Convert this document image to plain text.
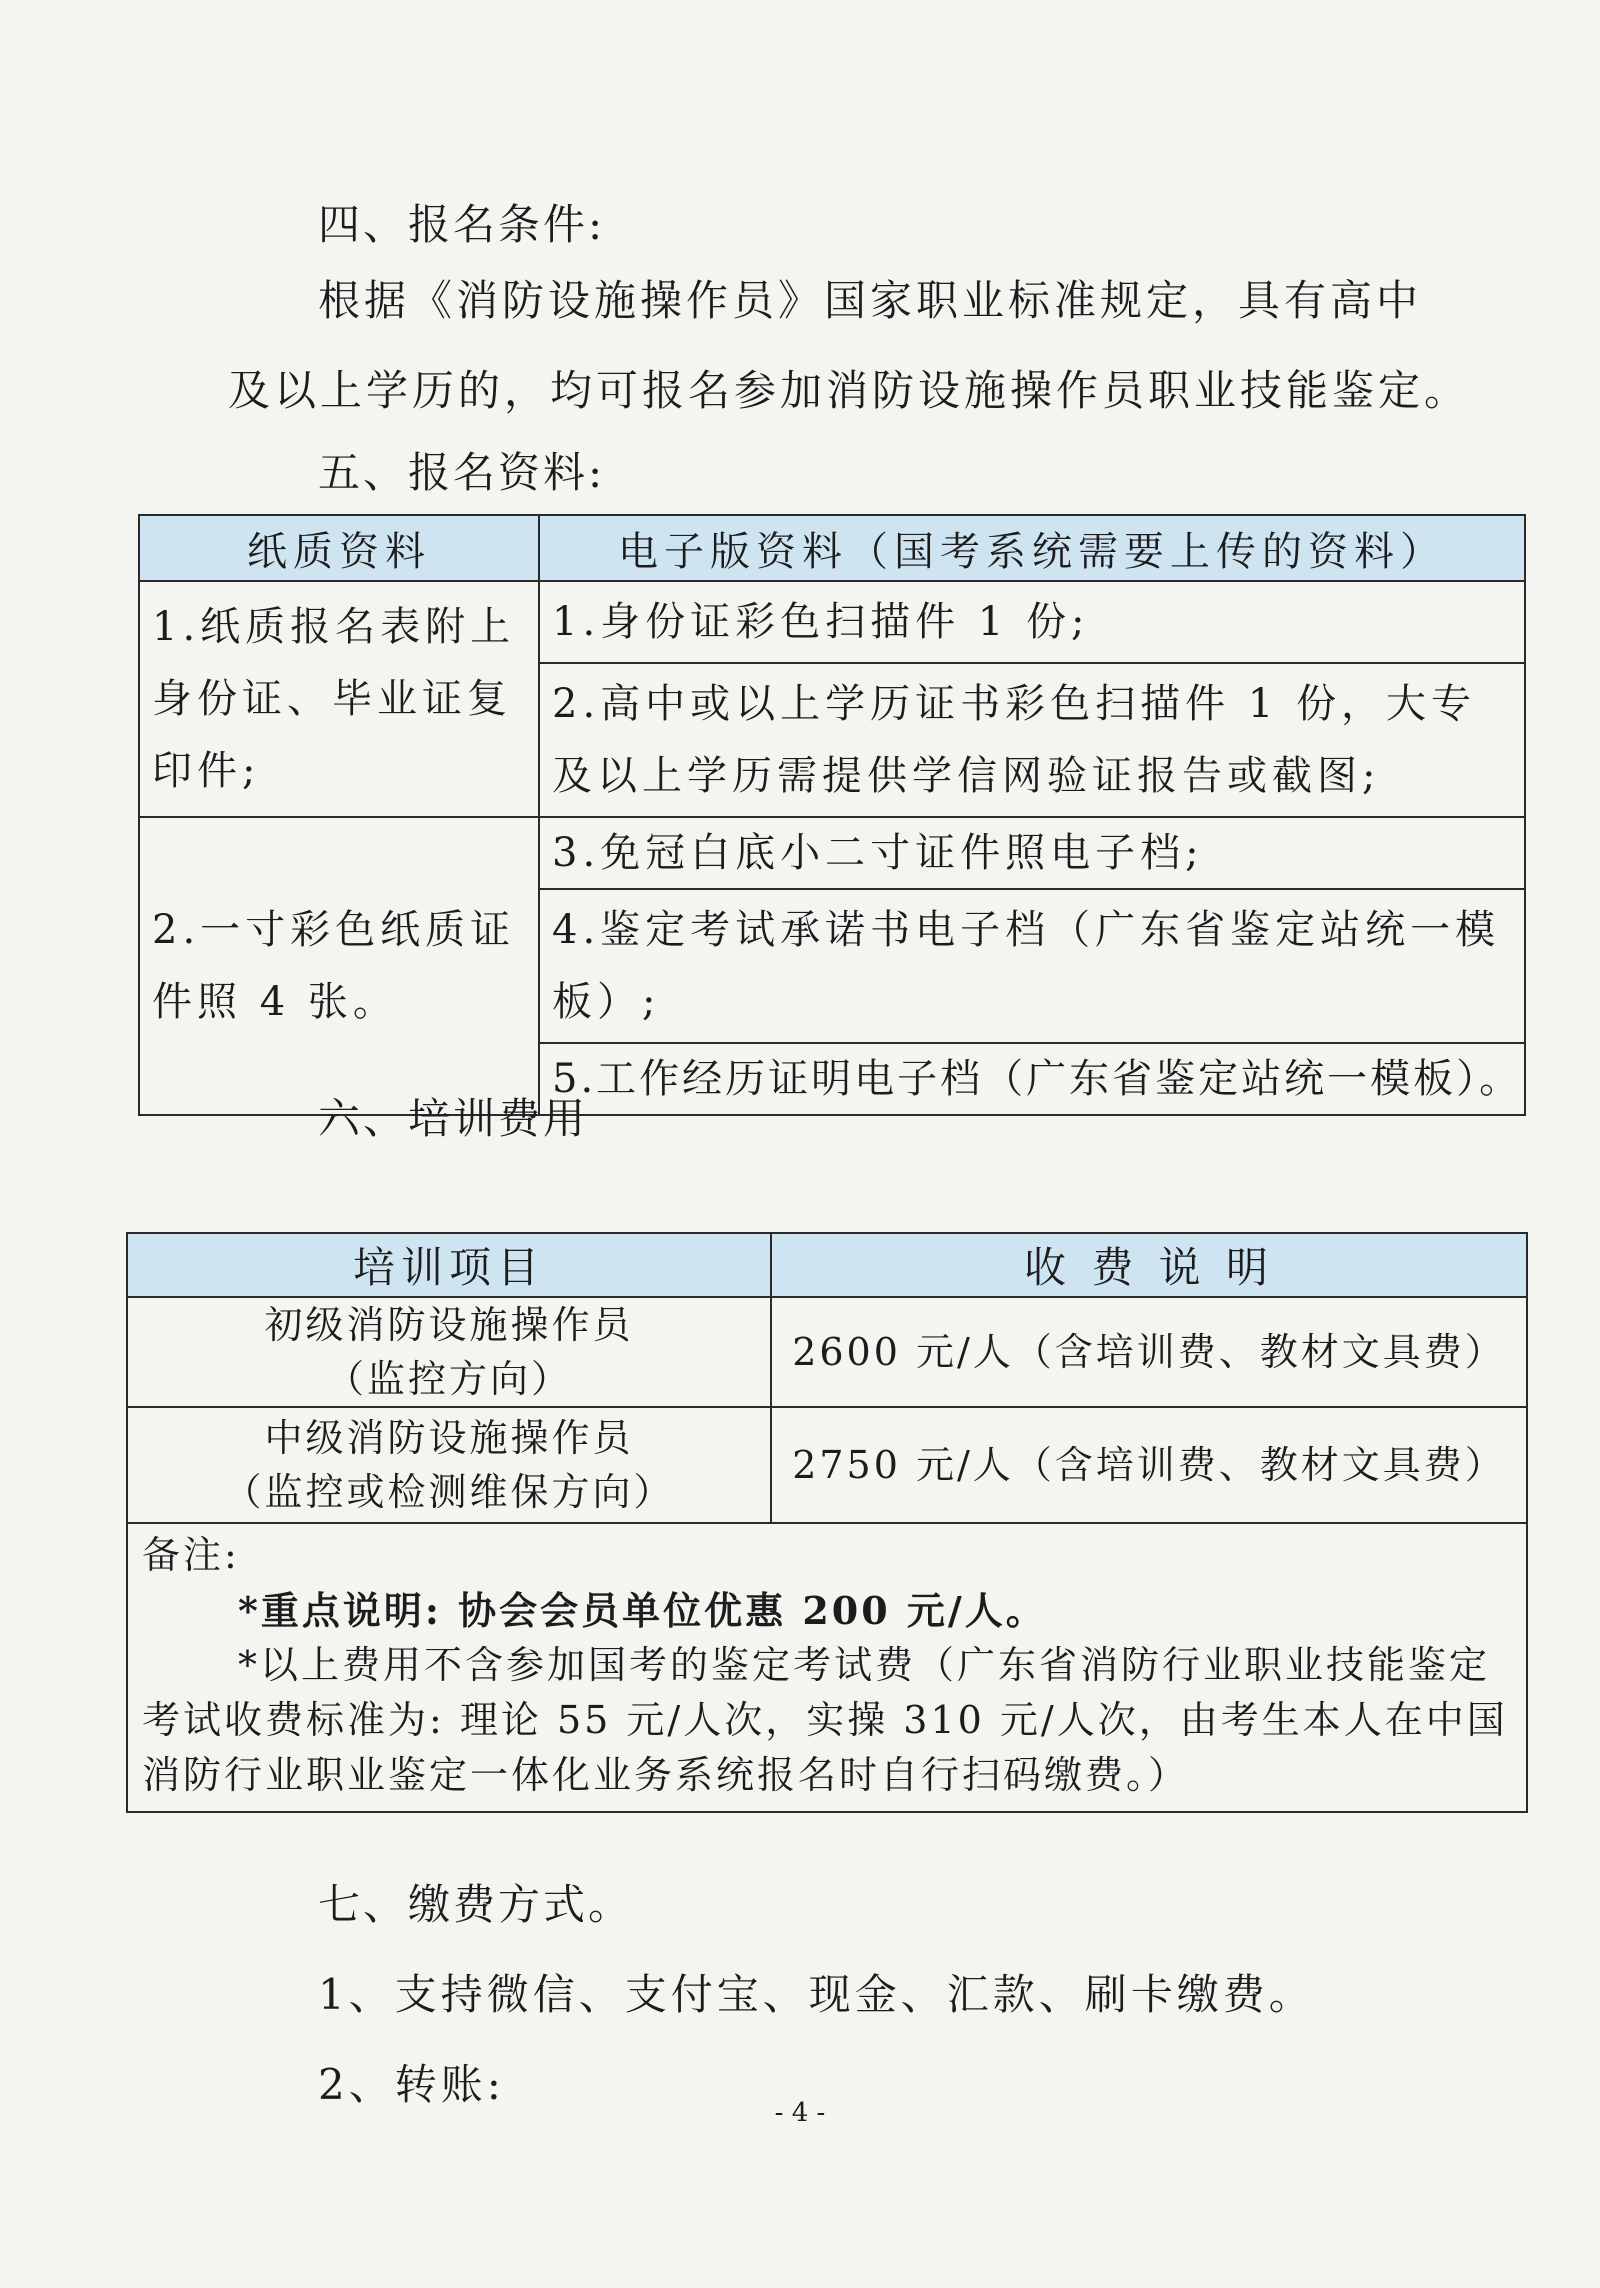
四、报名条件:
根据《消防设施操作员》国家职业标准规定，具有高中
及以上学历的，均可报名参加消防设施操作员职业技能鉴定。
五、报名资料:
纸质资料	电子版资料（国考系统需要上传的资料）
1.纸质报名表附上身份证、毕业证复印件;	1.身份证彩色扫描件 1 份;
	2.高中或以上学历证书彩色扫描件 1 份，大专及以上学历需提供学信网验证报告或截图;
2.一寸彩色纸质证件照 4 张。	3.免冠白底小二寸证件照电子档;
	4.鉴定考试承诺书电子档（广东省鉴定站统一模板）;
	5.工作经历证明电子档（广东省鉴定站统一模板）。
六、培训费用
培训项目	收 费 说 明

初级消防设施操作员
（监控方向）	2600 元/人（含培训费、教材文具费）

中级消防设施操作员
（监控或检测维保方向）	2750 元/人（含培训费、教材文具费）

备注:
*重点说明: 协会会员单位优惠 200 元/人。
*以上费用不含参加国考的鉴定考试费（广东省消防行业职业技能鉴定
考试收费标准为: 理论 55 元/人次，实操 310 元/人次，由考生本人在中国
消防行业职业鉴定一体化业务系统报名时自行扫码缴费。）	
七、缴费方式。
1、支持微信、支付宝、现金、汇款、刷卡缴费。
2、转账:
- 4 -
